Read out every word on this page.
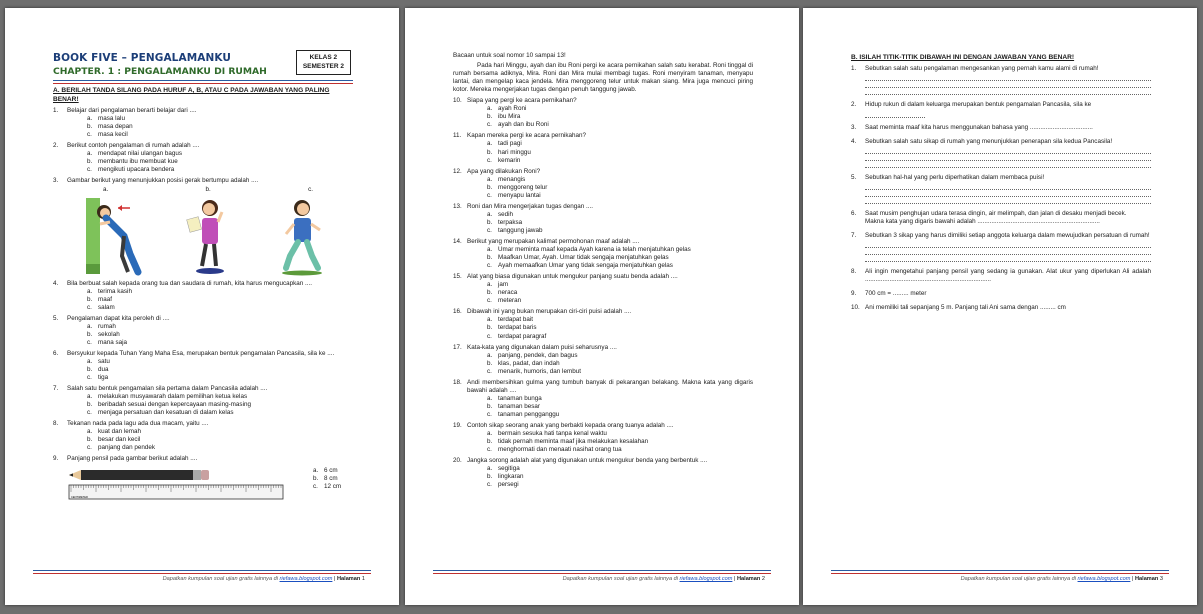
BOOK FIVE – PENGALAMANKU
CHAPTER. 1 : PENGALAMANKU DI RUMAH
KELAS 2
SEMESTER 2
A. BERILAH TANDA SILANG PADA HURUF A, B, ATAU C PADA JAWABAN YANG PALING BENAR!
1.	Belajar dari pengalaman berarti belajar dari ....
a. masa lalu
b. masa depan
c. masa kecil
2.	Berikut contoh pengalaman di rumah adalah ....
a. mendapat nilai ulangan bagus
b. membantu ibu membuat kue
c. mengikuti upacara bendera
3.	Gambar berikut yang menunjukkan posisi gerak bertumpu adalah ....
a.	b.	c.
4.	Bila berbuat salah kepada orang tua dan saudara di rumah, kita harus mengucapkan ....
a. terima kasih
b. maaf
c. salam
5.	Pengalaman dapat kita peroleh di ....
a. rumah
b. sekolah
c. mana saja
6.	Bersyukur kepada Tuhan Yang Maha Esa, merupakan bentuk pengamalan Pancasila, sila ke ....
a. satu
b. dua
c. tiga
7.	Salah satu bentuk pengamalan sila pertama dalam Pancasila adalah ....
a. melakukan musyawarah dalam pemilihan ketua kelas
b. beribadah sesuai dengan kepercayaan masing-masing
c. menjaga persatuan dan kesatuan di dalam kelas
8.	Tekanan nada pada lagu ada dua macam, yaitu ....
a. kuat dan lemah
b. besar dan kecil
c. panjang dan pendek
9.	Panjang pensil pada gambar berikut adalah ....
CENTIMETER
a. 6 cm
b. 8 cm
c. 12 cm
Dapatkan kumpulan soal ujian gratis lainnya di riefawa.blogspot.com | Halaman 1
Bacaan untuk soal nomor 10 sampai 13!
Pada hari Minggu, ayah dan ibu Roni pergi ke acara pernikahan salah satu kerabat. Roni tinggal di rumah bersama adiknya, Mira. Roni dan Mira mulai membagi tugas. Roni menyiram tanaman, menyapu lantai, dan mengelap kaca jendela. Mira menggoreng telur untuk makan siang. Mira juga mencuci piring kotor. Mereka mengerjakan tugas dengan penuh tanggung jawab.
10. Siapa yang pergi ke acara pernikahan?
a. ayah Roni
b. ibu Mira
c. ayah dan ibu Roni
11. Kapan mereka pergi ke acara pernikahan?
a. tadi pagi
b. hari minggu
c. kemarin
12. Apa yang dilakukan Roni?
a. menangis
b. menggoreng telur
c. menyapu lantai
13. Roni dan Mira mengerjakan tugas dengan ....
a. sedih
b. terpaksa
c. tanggung jawab
14. Berikut yang merupakan kalimat permohonan maaf adalah ....
a. Umar meminta maaf kepada Ayah karena ia telah menjatuhkan gelas
b. Maafkan Umar, Ayah. Umar tidak sengaja menjatuhkan gelas
c. Ayah memaafkan Umar yang tidak sengaja menjatuhkan gelas
15. Alat yang biasa digunakan untuk mengukur panjang suatu benda adalah ....
a. jam
b. neraca
c. meteran
16. Dibawah ini yang bukan merupakan ciri-ciri puisi adalah ....
a. terdapat bait
b. terdapat baris
c. terdapat paragraf
17. Kata-kata yang digunakan dalam puisi seharusnya ....
a. panjang, pendek, dan bagus
b. klas, padat, dan indah
c. menarik, humoris, dan lembut
18. Andi membersihkan gulma yang tumbuh banyak di pekarangan belakang. Makna kata yang digaris bawahi adalah ....
a. tanaman bunga
b. tanaman besar
c. tanaman pengganggu
19. Contoh sikap seorang anak yang berbakti kepada orang tuanya adalah ....
a. bermain sesuka hati tanpa kenal waktu
b. tidak pernah meminta maaf jika melakukan kesalahan
c. menghormati dan menaati nasihat orang tua
20. Jangka sorong adalah alat yang digunakan untuk mengukur benda yang berbentuk ....
a. segitiga
b. lingkaran
c. persegi
Dapatkan kumpulan soal ujian gratis lainnya di riefawa.blogspot.com | Halaman 2
B. ISILAH TITIK-TITIK DIBAWAH INI DENGAN JAWABAN YANG BENAR!
1.	Sebutkan salah satu pengalaman mengesankan yang pernah kamu alami di rumah!
2.	Hidup rukun di dalam keluarga merupakan bentuk pengamalan Pancasila, sila ke
3.	Saat meminta maaf kita harus menggunakan bahasa yang ....................................
4.	Sebutkan salah satu sikap di rumah yang menunjukkan penerapan sila kedua Pancasila!
5.	Sebutkan hal-hal yang perlu diperhatikan dalam membaca puisi!
6.	Saat musim penghujan udara terasa dingin, air melimpah, dan jalan di desaku menjadi becek.
Makna kata yang digaris bawahi adalah ......................................................................
7.	Sebutkan 3 sikap yang harus dimiliki setiap anggota keluarga dalam mewujudkan persatuan di rumah!
8.	Ali ingin mengetahui panjang pensil yang sedang ia gunakan. Alat ukur yang diperlukan Ali adalah ........................................................................
9.	700 cm = ......... meter
10. Ani memiliki tali sepanjang 5 m. Panjang tali Ani sama dengan ......... cm
Dapatkan kumpulan soal ujian gratis lainnya di riefawa.blogspot.com | Halaman 3
